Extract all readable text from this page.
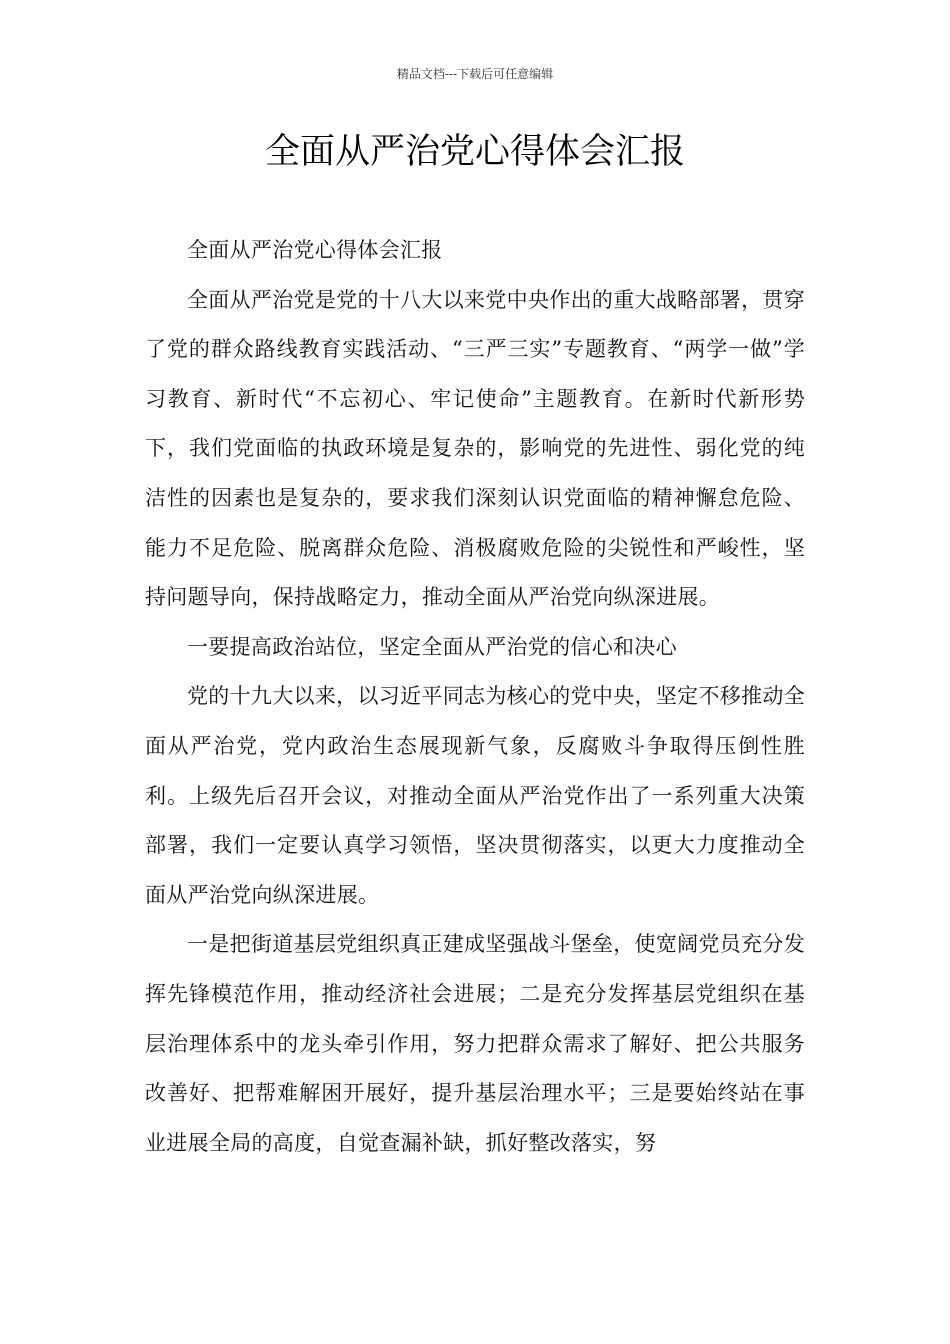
精品文档---下载后可任意编辑
全面从严治党心得体会汇报

全面从严治党心得体会汇报

全面从严治党是党的十八大以来党中央作出的重大战略部署，贯穿了党的群众路线教育实践活动、“三严三实”专题教育、“两学一做”学习教育、新时代“不忘初心、牢记使命”主题教育。在新时代新形势下，我们党面临的执政环境是复杂的，影响党的先进性、弱化党的纯洁性的因素也是复杂的，要求我们深刻认识党面临的精神懈怠危险、能力不足危险、脱离群众危险、消极腐败危险的尖锐性和严峻性，坚持问题导向，保持战略定力，推动全面从严治党向纵深进展。

一要提高政治站位，坚定全面从严治党的信心和决心

党的十九大以来，以习近平同志为核心的党中央，坚定不移推动全面从严治党，党内政治生态展现新气象，反腐败斗争取得压倒性胜利。上级先后召开会议，对推动全面从严治党作出了一系列重大决策部署，我们一定要认真学习领悟，坚决贯彻落实，以更大力度推动全面从严治党向纵深进展。

一是把街道基层党组织真正建成坚强战斗堡垒，使宽阔党员充分发挥先锋模范作用，推动经济社会进展；二是充分发挥基层党组织在基层治理体系中的龙头牵引作用，努力把群众需求了解好、把公共服务改善好、把帮难解困开展好，提升基层治理水平；三是要始终站在事业进展全局的高度，自觉查漏补缺，抓好整改落实，努
